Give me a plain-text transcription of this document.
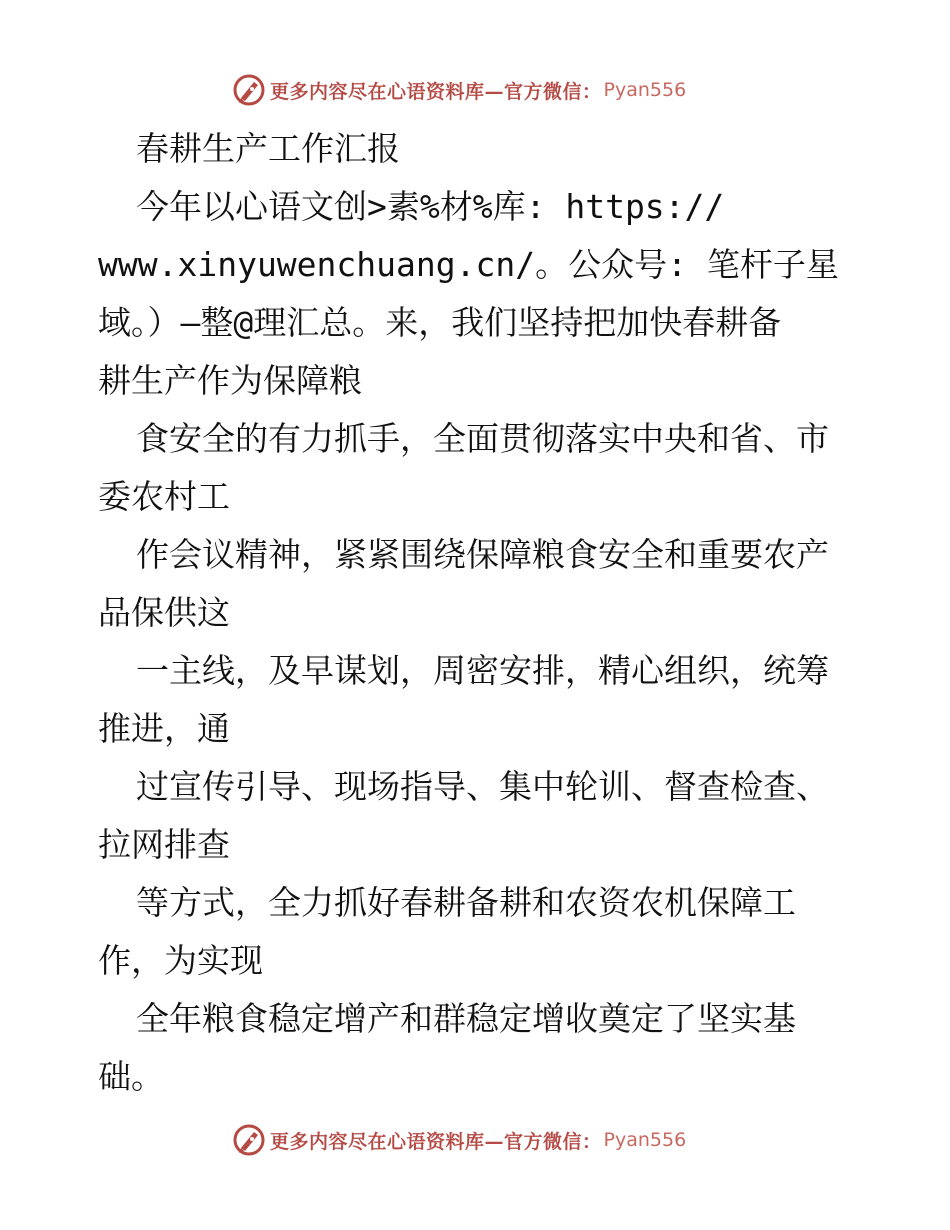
更多内容尽在心语资料库—官方微信： Pyan556
春耕生产工作汇报
今年以心语文创>素%材%库: https://
www.xinyuwenchuang.cn/。公众号: 笔杆子星
域。）—整@理汇总。来，我们坚持把加快春耕备
耕生产作为保障粮
食安全的有力抓手，全面贯彻落实中央和省、市
委农村工
作会议精神，紧紧围绕保障粮食安全和重要农产
品保供这
一主线，及早谋划，周密安排，精心组织，统筹
推进，通
过宣传引导、现场指导、集中轮训、督查检查、
拉网排查
等方式，全力抓好春耕备耕和农资农机保障工
作，为实现
全年粮食稳定增产和群稳定增收奠定了坚实基
础。
更多内容尽在心语资料库—官方微信： Pyan556
